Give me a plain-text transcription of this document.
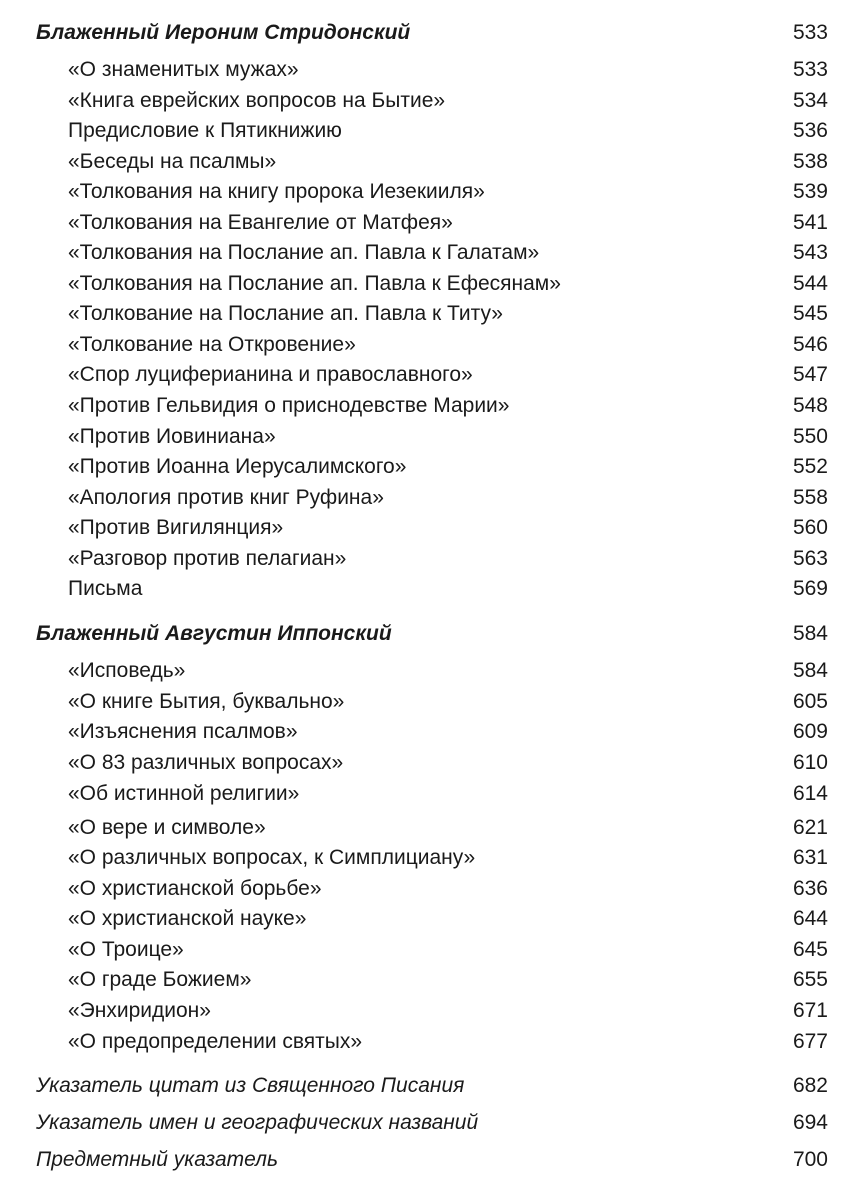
Блаженный Иероним Стридонский	533
«О знаменитых мужах»	533
«Книга еврейских вопросов на Бытие»	534
Предисловие к Пятикнижию	536
«Беседы на псалмы»	538
«Толкования на книгу пророка Иезекииля»	539
«Толкования на Евангелие от Матфея»	541
«Толкования на Послание ап. Павла к Галатам»	543
«Толкования на Послание ап. Павла к Ефесянам»	544
«Толкование на Послание ап. Павла к Титу»	545
«Толкование на Откровение»	546
«Спор луциферианина и православного»	547
«Против Гельвидия о приснодевстве Марии»	548
«Против Иовиниана»	550
«Против Иоанна Иерусалимского»	552
«Апология против книг Руфина»	558
«Против Вигилянция»	560
«Разговор против пелагиан»	563
Письма	569
Блаженный Августин Иппонский	584
«Исповедь»	584
«О книге Бытия, буквально»	605
«Изъяснения псалмов»	609
«О 83 различных вопросах»	610
«Об истинной религии»	614
«О вере и символе»	621
«О различных вопросах, к Симплициану»	631
«О христианской борьбе»	636
«О христианской науке»	644
«О Троице»	645
«О граде Божием»	655
«Энхиридион»	671
«О предопределении святых»	677
Указатель цитат из Священного Писания	682
Указатель имен и географических названий	694
Предметный указатель	700
